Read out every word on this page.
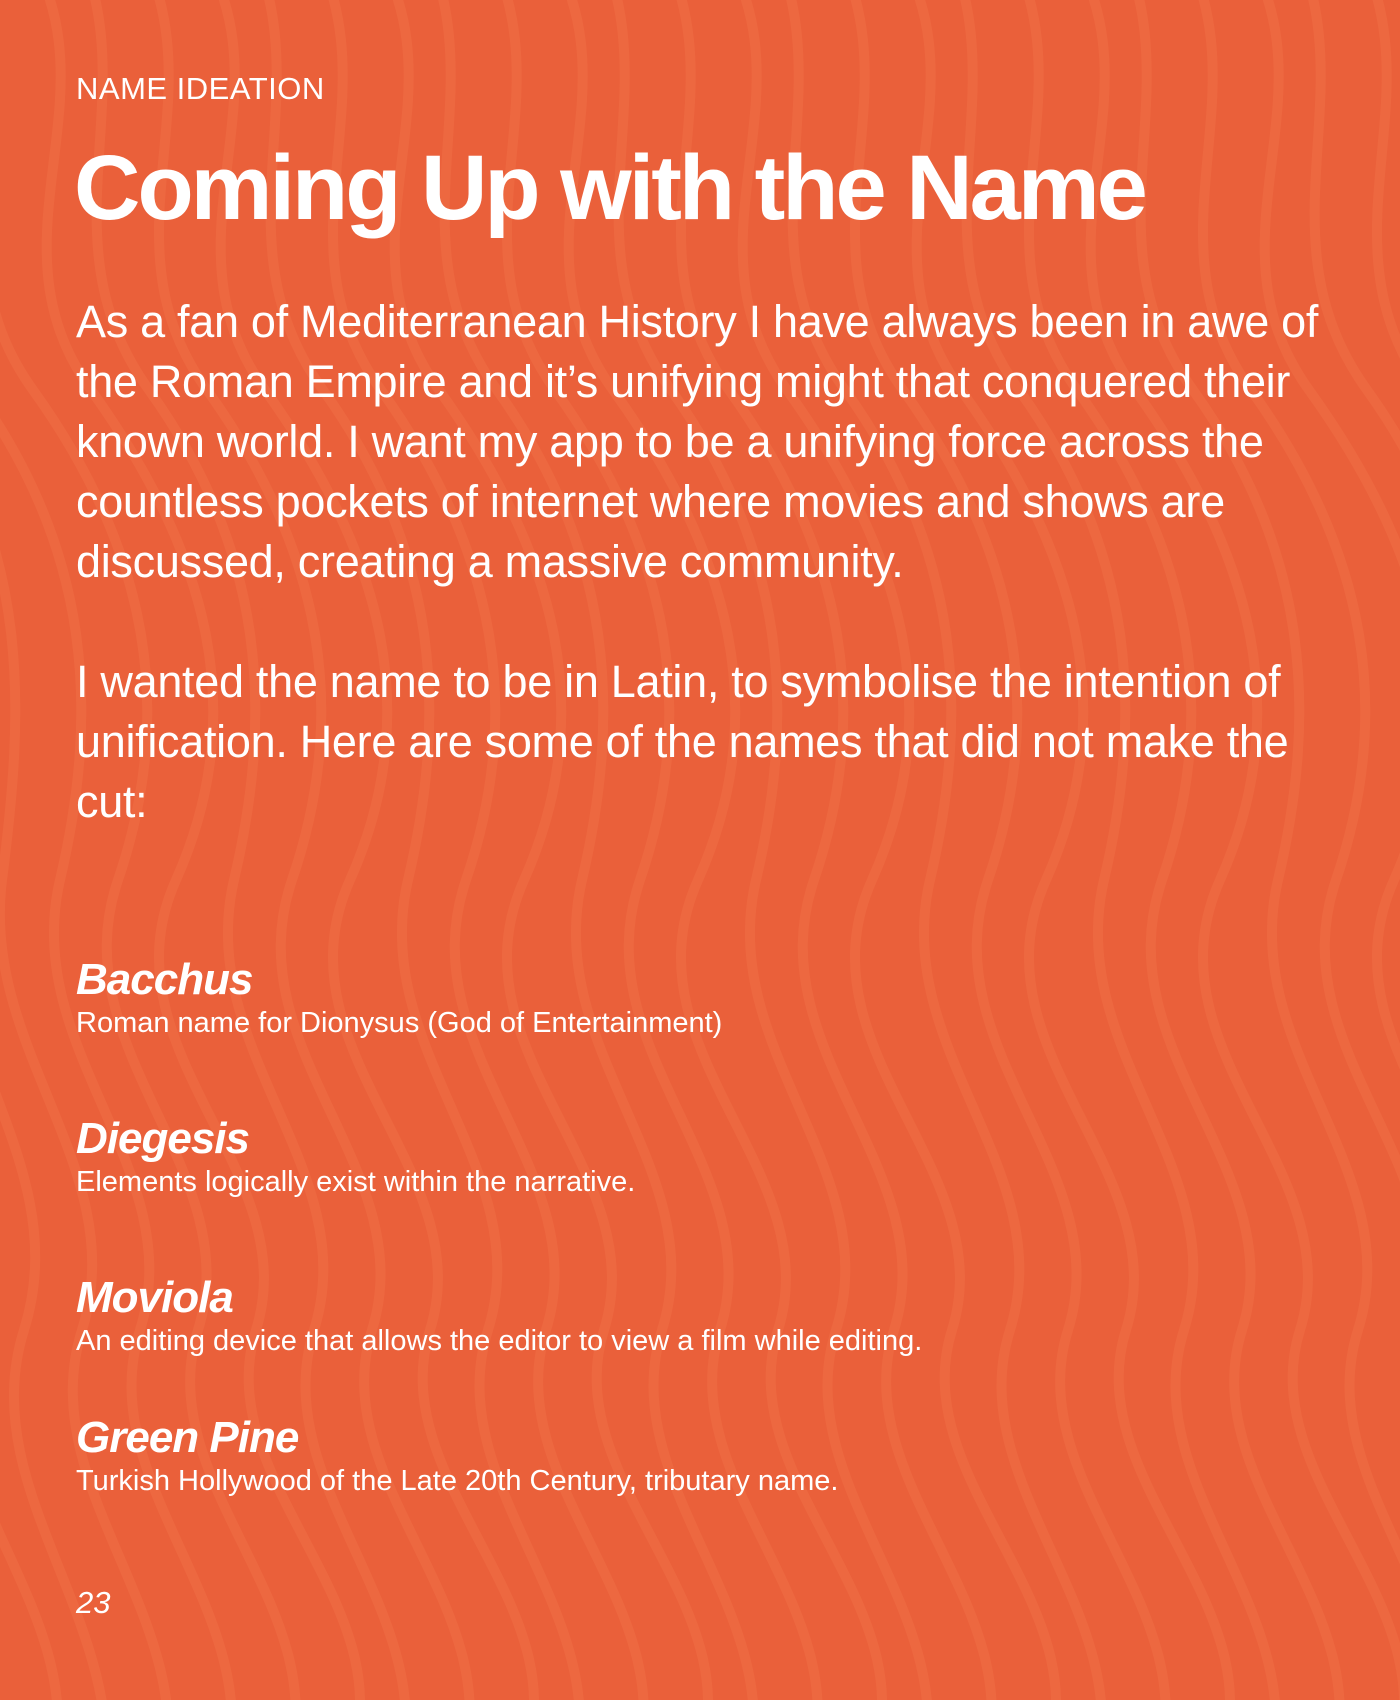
NAME IDEATION
Coming Up with the Name

As a fan of Mediterranean History I have always been in awe of the Roman Empire and it’s unifying might that conquered their known world. I want my app to be a unifying force across the countless pockets of internet where movies and shows are discussed, creating a massive community.

I wanted the name to be in Latin, to symbolise the intention of unification. Here are some of the names that did not make the cut:

Bacchus
Roman name for Dionysus (God of Entertainment)
Diegesis
Elements logically exist within the narrative.
Moviola
An editing device that allows the editor to view a film while editing.
Green Pine
Turkish Hollywood of the Late 20th Century, tributary name.
23
